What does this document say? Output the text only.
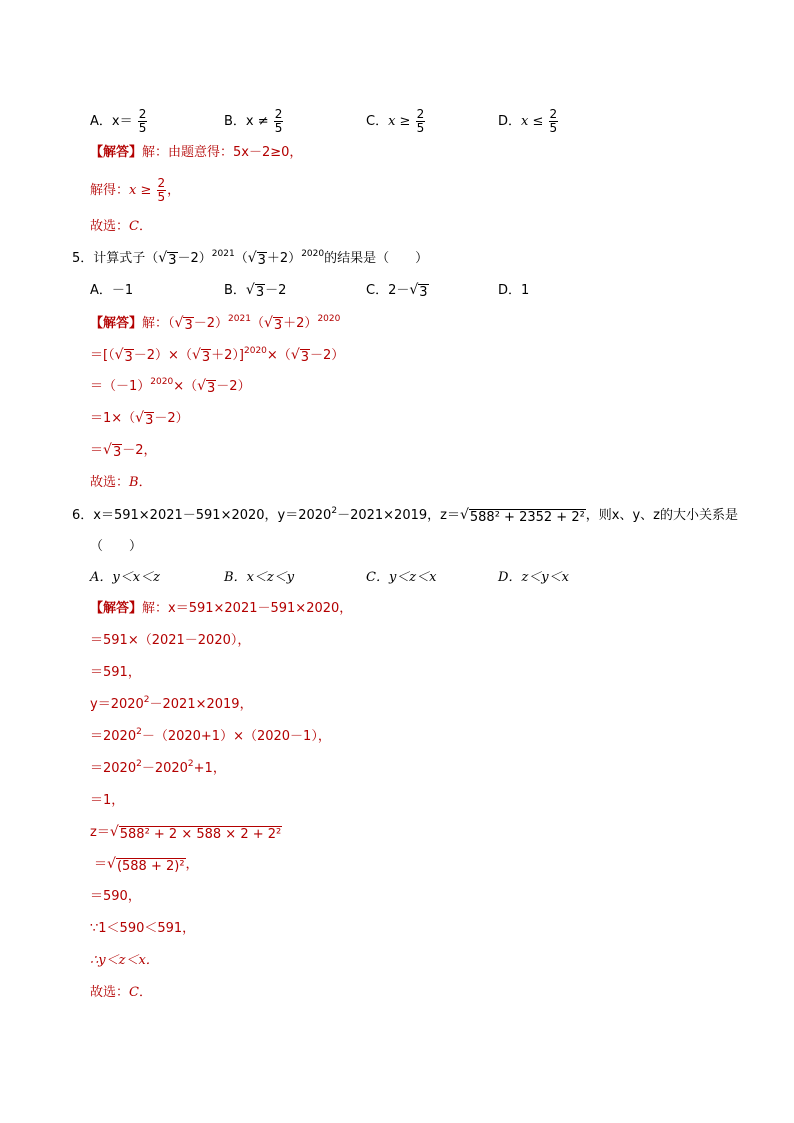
A．$x= \frac{2}{5}$	B．$x \ne \frac{2}{5}$	C．$x \ge \frac{2}{5}$	D．$x \le \frac{2}{5}$
【解答】解：由题意得：5x－2≥0，
解得：$x \ge \frac{2}{5}$ ，
故选：C．
5．计算式子（ √ 3 －2）$^{2021}$（ √ 3 ＋2）$^{2020}$的结果是（　　）
A．－1	B． √ 3 －2	C．2－ √ 3	D．1
【解答】解：（ √ 3 －2）$^{2021}$（ √ 3 ＋2）$^{2020}$
＝[（ √ 3 －2）×（ √ 3 ＋2）]$^{2020}$×（ √ 3 －2）
$=(-1)^{2020}\times$（ √ 3 －2）
＝1×（ √ 3 －2）
＝ √ 3 －2，
故选：B．
6．x＝591×2021－591×2020，$y=2020^2-2021\times 2019$，z＝ √ 588² + 2352 + 2² ，则x、y、z的大小关系是
（　　）
A．y＜x＜z	B．x＜z＜y	C．y＜z＜x	D．z＜y＜x
【解答】解：x＝591×2021－591×2020，
＝591×（2021－2020），
＝591，
$y=2020^2-2021\times 2019$，
$=2020^2-(2020+1)\times(2020-1)$，
$=2020^2-2020^2+1$，
＝1，
z＝ √ 588² + 2 × 588 × 2 + 2²
＝ √ (588 + 2)² ，
＝590，
∵1＜590＜591，
∴y＜z＜x．
故选：C．
